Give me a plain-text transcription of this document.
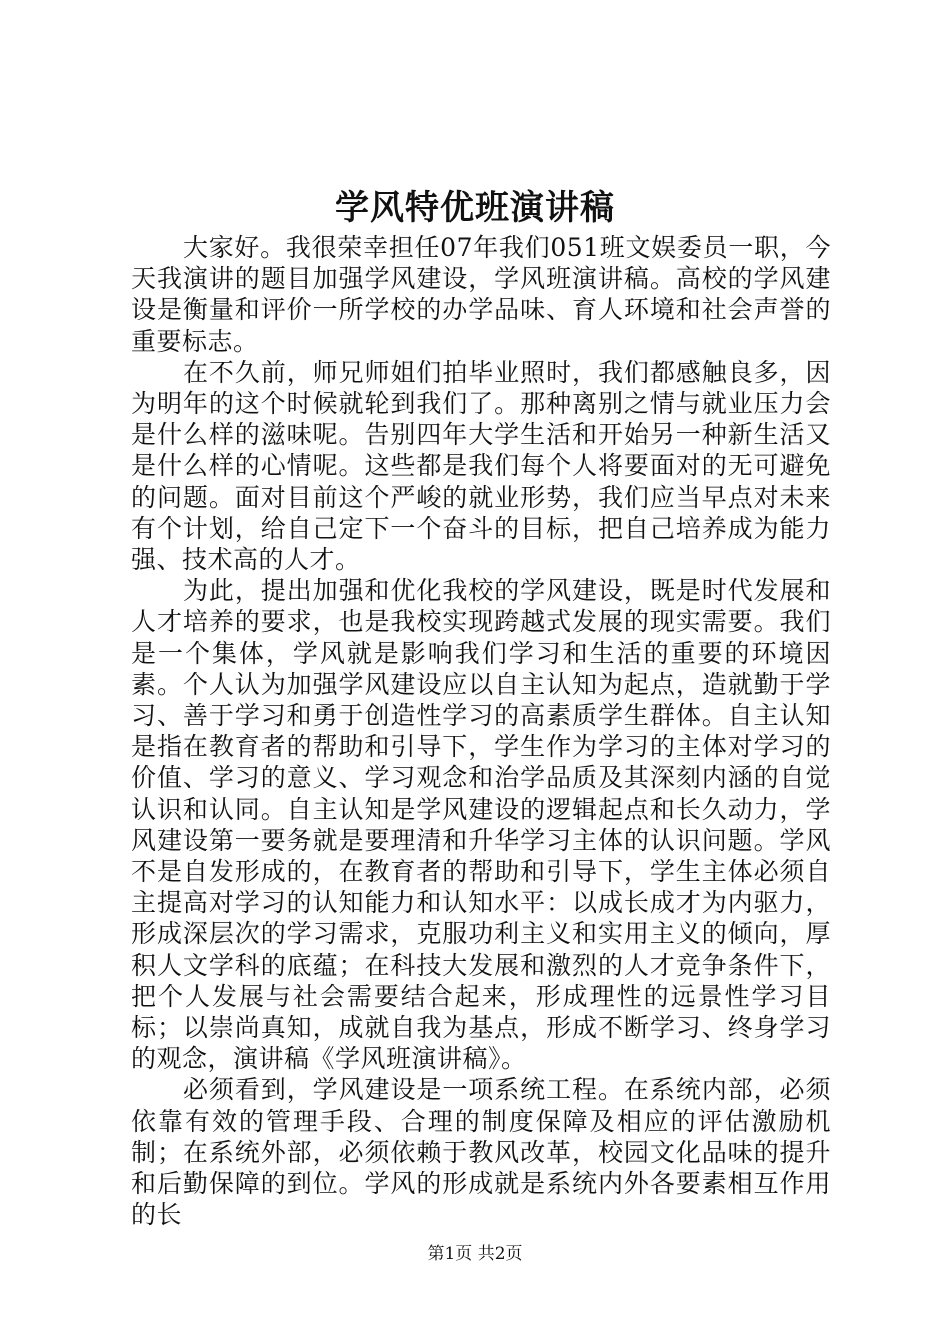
学风特优班演讲稿

大家好。我很荣幸担任07年我们051班文娱委员一职，今天我演讲的题目加强学风建设，学风班演讲稿。高校的学风建设是衡量和评价一所学校的办学品味、育人环境和社会声誉的重要标志。

在不久前，师兄师姐们拍毕业照时，我们都感触良多，因为明年的这个时候就轮到我们了。那种离别之情与就业压力会是什么样的滋味呢。告别四年大学生活和开始另一种新生活又是什么样的心情呢。这些都是我们每个人将要面对的无可避免的问题。面对目前这个严峻的就业形势，我们应当早点对未来有个计划，给自己定下一个奋斗的目标，把自己培养成为能力强、技术高的人才。

为此，提出加强和优化我校的学风建设，既是时代发展和人才培养的要求，也是我校实现跨越式发展的现实需要。我们是一个集体，学风就是影响我们学习和生活的重要的环境因素。个人认为加强学风建设应以自主认知为起点，造就勤于学习、善于学习和勇于创造性学习的高素质学生群体。自主认知是指在教育者的帮助和引导下，学生作为学习的主体对学习的价值、学习的意义、学习观念和治学品质及其深刻内涵的自觉认识和认同。自主认知是学风建设的逻辑起点和长久动力，学风建设第一要务就是要理清和升华学习主体的认识问题。学风不是自发形成的，在教育者的帮助和引导下，学生主体必须自主提高对学习的认知能力和认知水平：以成长成才为内驱力，形成深层次的学习需求，克服功利主义和实用主义的倾向，厚积人文学科的底蕴；在科技大发展和激烈的人才竞争条件下，把个人发展与社会需要结合起来，形成理性的远景性学习目标；以崇尚真知，成就自我为基点，形成不断学习、终身学习的观念，演讲稿《学风班演讲稿》。

必须看到，学风建设是一项系统工程。在系统内部，必须依靠有效的管理手段、合理的制度保障及相应的评估激励机制；在系统外部，必须依赖于教风改革，校园文化品味的提升和后勤保障的到位。学风的形成就是系统内外各要素相互作用的长

第1页 共2页
